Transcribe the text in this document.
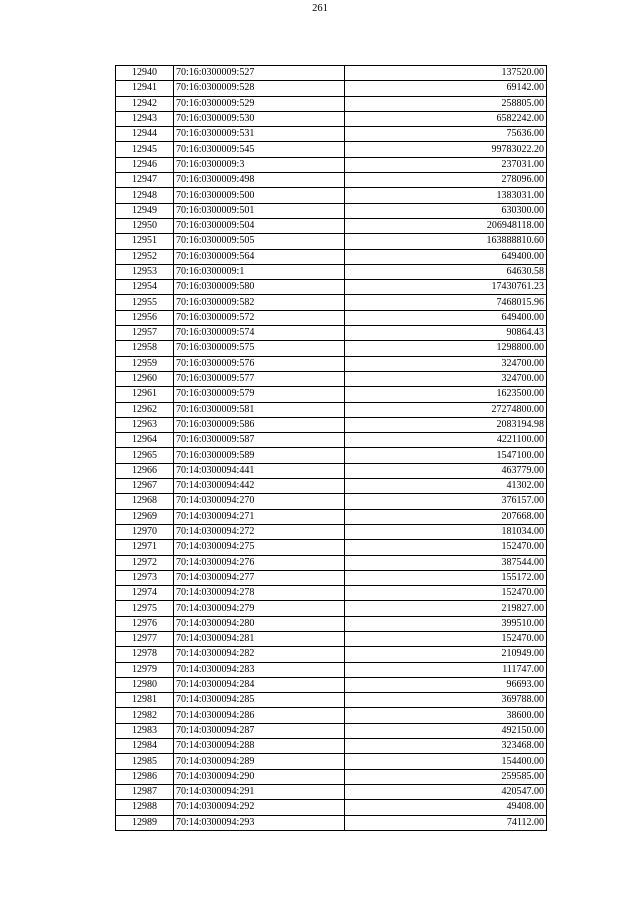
261
12940	70:16:0300009:527	137520.00
12941	70:16:0300009:528	69142.00
12942	70:16:0300009:529	258805.00
12943	70:16:0300009:530	6582242.00
12944	70:16:0300009:531	75636.00
12945	70:16:0300009:545	99783022.20
12946	70:16:0300009:3	237031.00
12947	70:16:0300009:498	278096.00
12948	70:16:0300009:500	1383031.00
12949	70:16:0300009:501	630300.00
12950	70:16:0300009:504	206948118.00
12951	70:16:0300009:505	163888810.60
12952	70:16:0300009:564	649400.00
12953	70:16:0300009:1	64630.58
12954	70:16:0300009:580	17430761.23
12955	70:16:0300009:582	7468015.96
12956	70:16:0300009:572	649400.00
12957	70:16:0300009:574	90864.43
12958	70:16:0300009:575	1298800.00
12959	70:16:0300009:576	324700.00
12960	70:16:0300009:577	324700.00
12961	70:16:0300009:579	1623500.00
12962	70:16:0300009:581	27274800.00
12963	70:16:0300009:586	2083194.98
12964	70:16:0300009:587	4221100.00
12965	70:16:0300009:589	1547100.00
12966	70:14:0300094:441	463779.00
12967	70:14:0300094:442	41302.00
12968	70:14:0300094:270	376157.00
12969	70:14:0300094:271	207668.00
12970	70:14:0300094:272	181034.00
12971	70:14:0300094:275	152470.00
12972	70:14:0300094:276	387544.00
12973	70:14:0300094:277	155172.00
12974	70:14:0300094:278	152470.00
12975	70:14:0300094:279	219827.00
12976	70:14:0300094:280	399510.00
12977	70:14:0300094:281	152470.00
12978	70:14:0300094:282	210949.00
12979	70:14:0300094:283	111747.00
12980	70:14:0300094:284	96693.00
12981	70:14:0300094:285	369788.00
12982	70:14:0300094:286	38600.00
12983	70:14:0300094:287	492150.00
12984	70:14:0300094:288	323468.00
12985	70:14:0300094:289	154400.00
12986	70:14:0300094:290	259585.00
12987	70:14:0300094:291	420547.00
12988	70:14:0300094:292	49408.00
12989	70:14:0300094:293	74112.00
